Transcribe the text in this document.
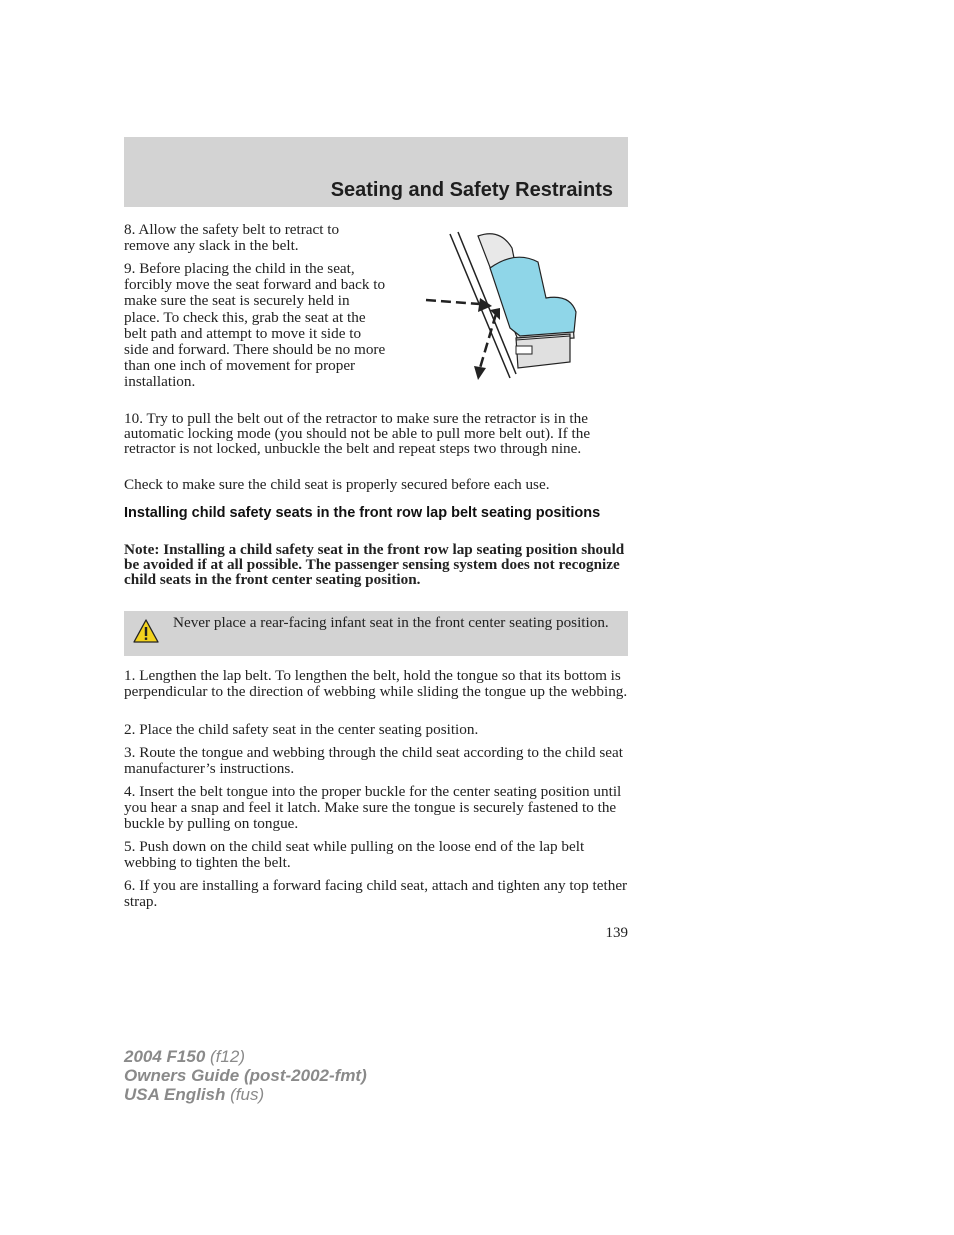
Seating and Safety Restraints

8. Allow the safety belt to retract to remove any slack in the belt.

9. Before placing the child in the seat, forcibly move the seat forward and back to make sure the seat is securely held in place. To check this, grab the seat at the belt path and attempt to move it side to side and forward. There should be no more than one inch of movement for proper installation.

10. Try to pull the belt out of the retractor to make sure the retractor is in the automatic locking mode (you should not be able to pull more belt out). If the retractor is not locked, unbuckle the belt and repeat steps two through nine.

Check to make sure the child seat is properly secured before each use.

Installing child safety seats in the front row lap belt seating positions
Note: Installing a child safety seat in the front row lap seating position should be avoided if at all possible. The passenger sensing system does not recognize child seats in the front center seating position.
Never place a rear-facing infant seat in the front center seating position.

1. Lengthen the lap belt. To lengthen the belt, hold the tongue so that its bottom is perpendicular to the direction of webbing while sliding the tongue up the webbing.

2. Place the child safety seat in the center seating position.

3. Route the tongue and webbing through the child seat according to the child seat manufacturer’s instructions.

4. Insert the belt tongue into the proper buckle for the center seating position until you hear a snap and feel it latch. Make sure the tongue is securely fastened to the buckle by pulling on tongue.

5. Push down on the child seat while pulling on the loose end of the lap belt webbing to tighten the belt.

6. If you are installing a forward facing child seat, attach and tighten any top tether strap.

139
2004 F150 (f12)
Owners Guide (post-2002-fmt)
USA English (fus)
